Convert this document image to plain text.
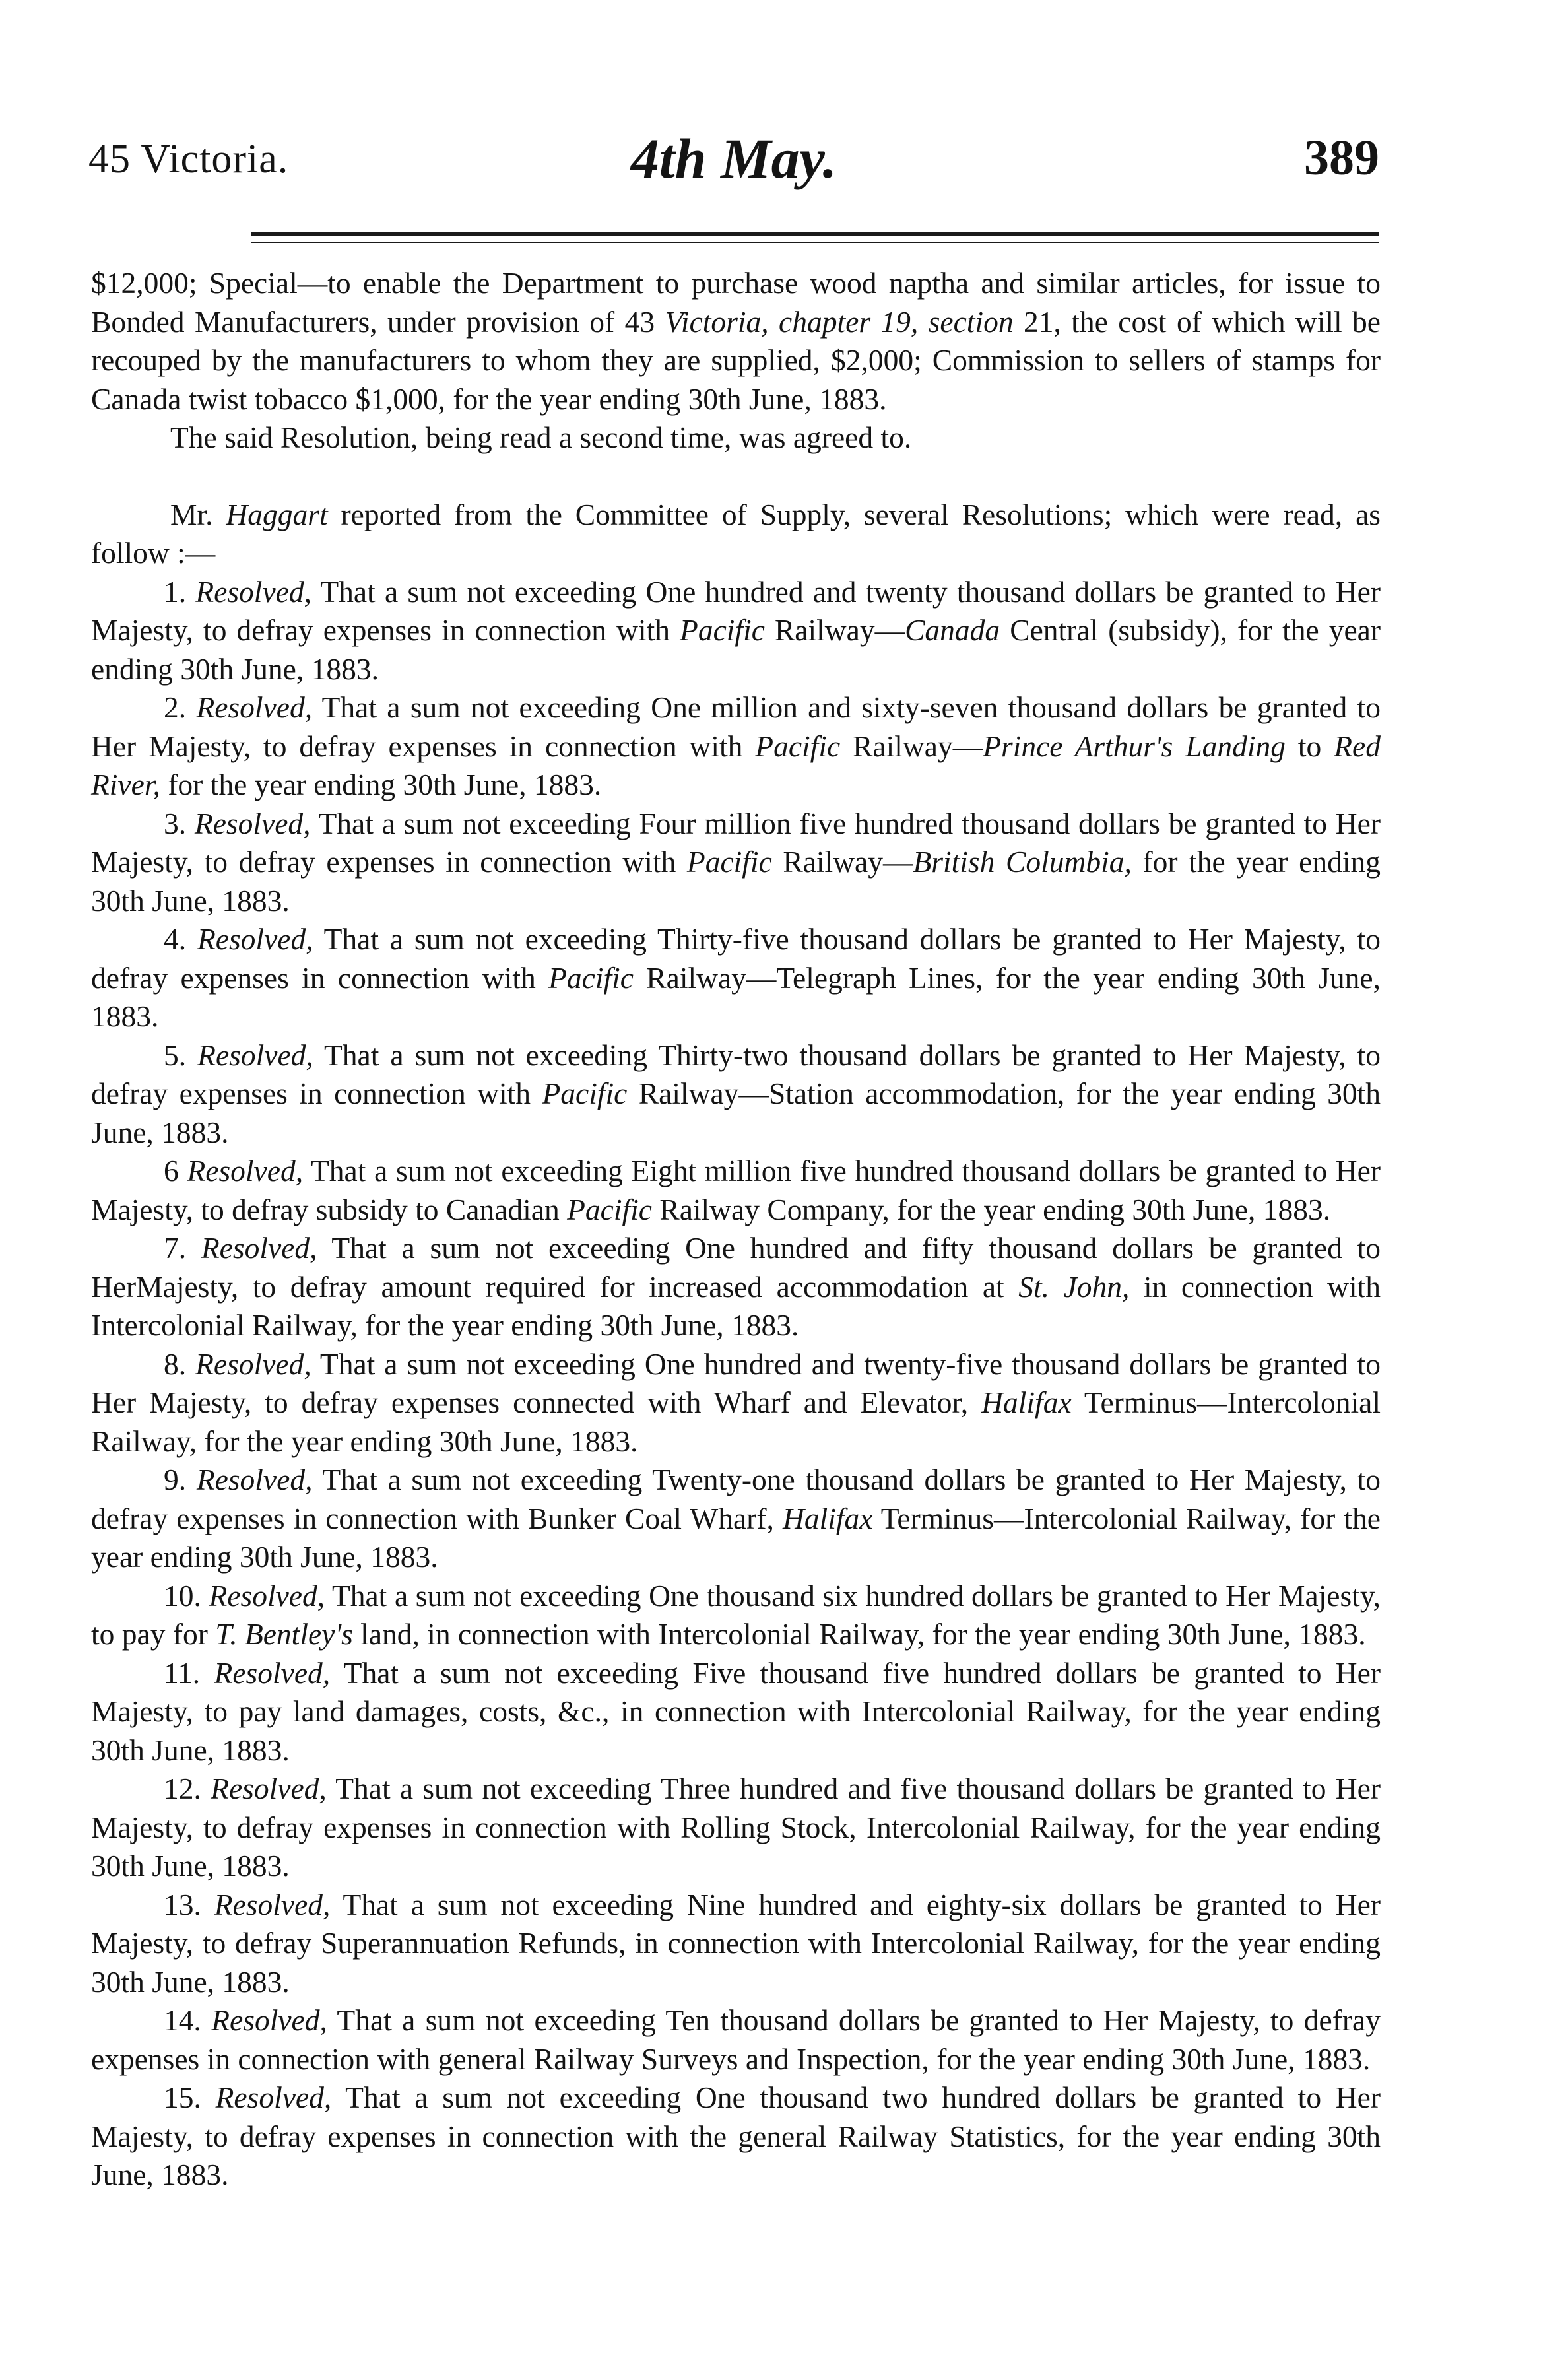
45 Victoria.	4th May.	389

$12,000; Special—to enable the Department to purchase wood naptha and similar articles, for issue to Bonded Manufacturers, under provision of 43 Victoria, chapter 19, section 21, the cost of which will be recouped by the manufacturers to whom they are supplied, $2,000; Commission to sellers of stamps for Canada twist tobacco $1,000, for the year ending 30th June, 1883.

The said Resolution, being read a second time, was agreed to.

Mr. Haggart reported from the Committee of Supply, several Resolutions; which were read, as follow :—

1. Resolved, That a sum not exceeding One hundred and twenty thousand dollars be granted to Her Majesty, to defray expenses in connection with Pacific Railway—Canada Central (subsidy), for the year ending 30th June, 1883.

2. Resolved, That a sum not exceeding One million and sixty-seven thousand dollars be granted to Her Majesty, to defray expenses in connection with Pacific Railway—Prince Arthur's Landing to Red River, for the year ending 30th June, 1883.

3. Resolved, That a sum not exceeding Four million five hundred thousand dollars be granted to Her Majesty, to defray expenses in connection with Pacific Railway—British Columbia, for the year ending 30th June, 1883.

4. Resolved, That a sum not exceeding Thirty-five thousand dollars be granted to Her Majesty, to defray expenses in connection with Pacific Railway—Telegraph Lines, for the year ending 30th June, 1883.

5. Resolved, That a sum not exceeding Thirty-two thousand dollars be granted to Her Majesty, to defray expenses in connection with Pacific Railway—Station accommodation, for the year ending 30th June, 1883.

6 Resolved, That a sum not exceeding Eight million five hundred thousand dollars be granted to Her Majesty, to defray subsidy to Canadian Pacific Railway Company, for the year ending 30th June, 1883.

7. Resolved, That a sum not exceeding One hundred and fifty thousand dollars be granted to HerMajesty, to defray amount required for increased accommodation at St. John, in connection with Intercolonial Railway, for the year ending 30th June, 1883.

8. Resolved, That a sum not exceeding One hundred and twenty-five thousand dollars be granted to Her Majesty, to defray expenses connected with Wharf and Elevator, Halifax Terminus—Intercolonial Railway, for the year ending 30th June, 1883.

9. Resolved, That a sum not exceeding Twenty-one thousand dollars be granted to Her Majesty, to defray expenses in connection with Bunker Coal Wharf, Halifax Terminus—Intercolonial Railway, for the year ending 30th June, 1883.

10. Resolved, That a sum not exceeding One thousand six hundred dollars be granted to Her Majesty, to pay for T. Bentley's land, in connection with Intercolonial Railway, for the year ending 30th June, 1883.

11. Resolved, That a sum not exceeding Five thousand five hundred dollars be granted to Her Majesty, to pay land damages, costs, &c., in connection with Intercolonial Railway, for the year ending 30th June, 1883.

12. Resolved, That a sum not exceeding Three hundred and five thousand dollars be granted to Her Majesty, to defray expenses in connection with Rolling Stock, Intercolonial Railway, for the year ending 30th June, 1883.

13. Resolved, That a sum not exceeding Nine hundred and eighty-six dollars be granted to Her Majesty, to defray Superannuation Refunds, in connection with Intercolonial Railway, for the year ending 30th June, 1883.

14. Resolved, That a sum not exceeding Ten thousand dollars be granted to Her Majesty, to defray expenses in connection with general Railway Surveys and Inspection, for the year ending 30th June, 1883.

15. Resolved, That a sum not exceeding One thousand two hundred dollars be granted to Her Majesty, to defray expenses in connection with the general Railway Statistics, for the year ending 30th June, 1883.
